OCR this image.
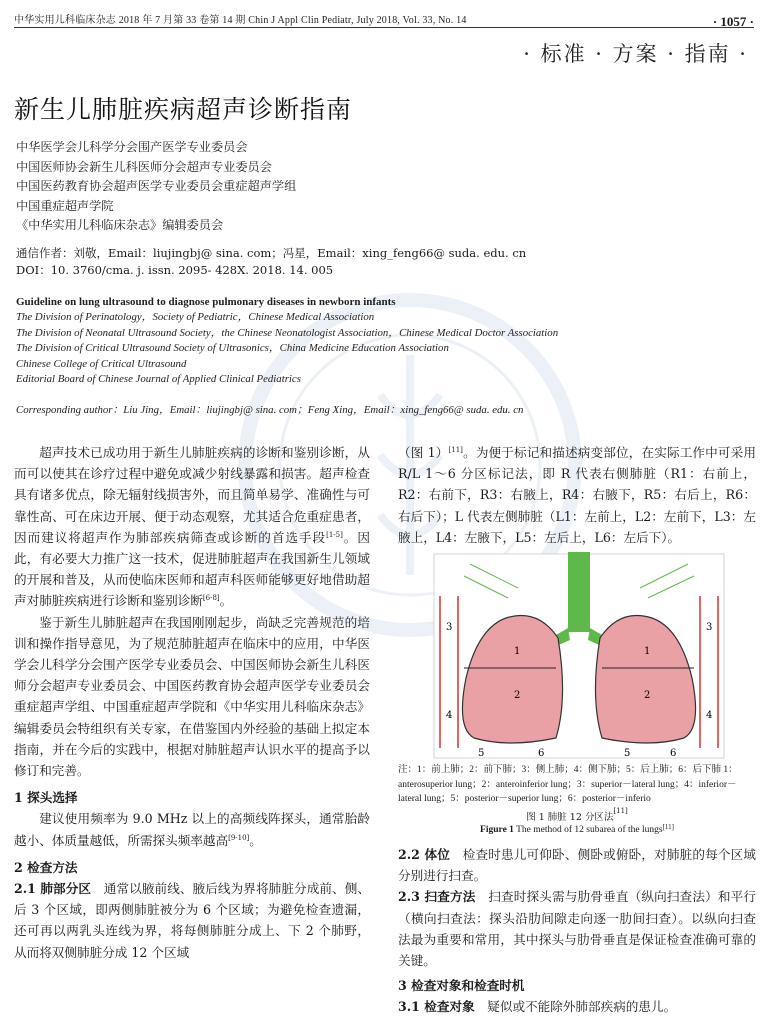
中华实用儿科临床杂志 2018 年 7 月第 33 卷第 14 期 Chin J Appl Clin Pediatr, July 2018, Vol. 33, No. 14	· 1057 ·
· 标准 · 方案 · 指南 ·
新生儿肺脏疾病超声诊断指南
中华医学会儿科学分会围产医学专业委员会
中国医师协会新生儿科医师分会超声专业委员会
中国医药教育协会超声医学专业委员会重症超声学组
中国重症超声学院
《中华实用儿科临床杂志》编辑委员会
通信作者：刘敬，Email：liujingbj@ sina. com；冯星，Email：xing_feng66@ suda. edu. cn
DOI：10. 3760/cma. j. issn. 2095- 428X. 2018. 14. 005
Guideline on lung ultrasound to diagnose pulmonary diseases in newborn infants
The Division of Perinatology，Society of Pediatric，Chinese Medical Association
The Division of Neonatal Ultrasound Society，the Chinese Neonatologist Association，Chinese Medical Doctor Association
The Division of Critical Ultrasound Society of Ultrasonics，China Medicine Education Association
Chinese College of Critical Ultrasound
Editorial Board of Chinese Journal of Applied Clinical Pediatrics
Corresponding author：Liu Jing，Email：liujingbj@ sina. com；Feng Xing，Email：xing_feng66@ suda. edu. cn

超声技术已成功用于新生儿肺脏疾病的诊断和鉴别诊断，从而可以使其在诊疗过程中避免或减少射线暴露和损害。超声检查具有诸多优点，除无辐射线损害外，而且简单易学、准确性与可靠性高、可在床边开展、便于动态观察，尤其适合危重症患者，因而建议将超声作为肺部疾病筛查或诊断的首选手段[1-5]。因此，有必要大力推广这一技术，促进肺脏超声在我国新生儿领域的开展和普及，从而使临床医师和超声科医师能够更好地借助超声对肺脏疾病进行诊断和鉴别诊断[6-8]。

鉴于新生儿肺脏超声在我国刚刚起步，尚缺乏完善规范的培训和操作指导意见，为了规范肺脏超声在临床中的应用，中华医学会儿科学分会围产医学专业委员会、中国医师协会新生儿科医师分会超声专业委员会、中国医药教育协会超声医学专业委员会重症超声学组、中国重症超声学院和《中华实用儿科临床杂志》编辑委员会特组织有关专家，在借鉴国内外经验的基础上拟定本指南，并在今后的实践中，根据对肺脏超声认识水平的提高予以修订和完善。

1 探头选择

建议使用频率为 9.0 MHz 以上的高频线阵探头，通常胎龄越小、体质量越低，所需探头频率越高[9-10]。

2 检查方法
2.1 肺部分区　 通常以腋前线、腋后线为界将肺脏分成前、侧、后 3 个区域，即两侧肺脏被分为 6 个区域；为避免检查遗漏，还可再以两乳头连线为界，将每侧肺脏分成上、下 2 个肺野，从而将双侧肺脏分成 12 个区域

（图 1）[11]。为便于标记和描述病变部位，在实际工作中可采用 R/L 1～6 分区标记法，即 R 代表右侧肺脏（R1：右前上，R2：右前下，R3：右腋上，R4：右腋下，R5：右后上，R6：右后下）；L 代表左侧肺脏（L1：左前上，L2：左前下，L3：左腋上，L4：左腋下，L5：左后上，L6：左后下）。

1
2
1
2
3
4
3
4
5	6	5	6
注：1：前上肺；2：前下肺；3：侧上肺；4：侧下肺；5：后上肺；6：后下肺 1：anterosuperior lung；2：anteroinferior lung；3：superior－lateral lung；4：inferior－lateral lung；5：posterior－superior lung；6：posterior－inferio
图 1 肺脏 12 分区法[11]
Figure 1 The method of 12 subarea of the lungs[11]

2.2 体位　 检查时患儿可仰卧、侧卧或俯卧，对肺脏的每个区域分别进行扫查。

2.3 扫查方法　 扫查时探头需与肋骨垂直（纵向扫查法）和平行（横向扫查法：探头沿肋间隙走向逐一肋间扫查）。以纵向扫查法最为重要和常用，其中探头与肋骨垂直是保证检查准确可靠的关键。

3 检查对象和检查时机

3.1 检查对象　 疑似或不能除外肺部疾病的患儿。
